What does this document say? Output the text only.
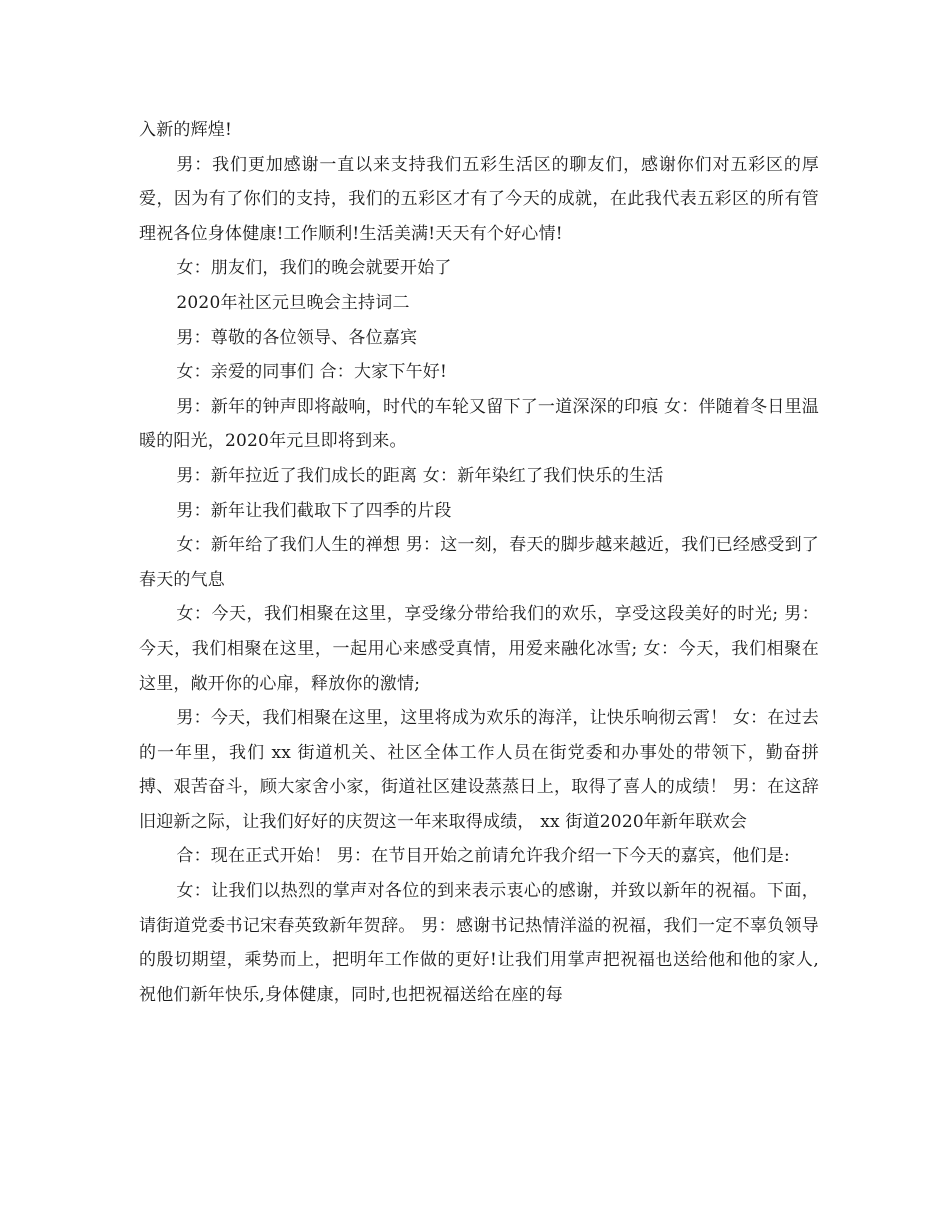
入新的辉煌!

男：我们更加感谢一直以来支持我们五彩生活区的聊友们，感谢你们对五彩区的厚爱，因为有了你们的支持，我们的五彩区才有了今天的成就，在此我代表五彩区的所有管理祝各位身体健康!工作顺利!生活美满!天天有个好心情!

女：朋友们，我们的晚会就要开始了

2020年社区元旦晚会主持词二

男：尊敬的各位领导、各位嘉宾

女：亲爱的同事们 合：大家下午好!

男：新年的钟声即将敲响，时代的车轮又留下了一道深深的印痕 女：伴随着冬日里温暖的阳光，2020年元旦即将到来。

男：新年拉近了我们成长的距离 女：新年染红了我们快乐的生活

男：新年让我们截取下了四季的片段

女：新年给了我们人生的禅想 男：这一刻，春天的脚步越来越近，我们已经感受到了春天的气息

女：今天，我们相聚在这里，享受缘分带给我们的欢乐，享受这段美好的时光; 男：今天，我们相聚在这里，一起用心来感受真情，用爱来融化冰雪; 女：今天，我们相聚在这里，敞开你的心扉，释放你的激情;

男：今天，我们相聚在这里，这里将成为欢乐的海洋，让快乐响彻云霄！ 女：在过去的一年里，我们 xx 街道机关、社区全体工作人员在街党委和办事处的带领下，勤奋拼搏、艰苦奋斗，顾大家舍小家，街道社区建设蒸蒸日上，取得了喜人的成绩！ 男：在这辞旧迎新之际，让我们好好的庆贺这一年来取得成绩， xx 街道2020年新年联欢会

合：现在正式开始！ 男：在节目开始之前请允许我介绍一下今天的嘉宾，他们是:

女：让我们以热烈的掌声对各位的到来表示衷心的感谢，并致以新年的祝福。下面，请街道党委书记宋春英致新年贺辞。 男：感谢书记热情洋溢的祝福，我们一定不辜负领导的殷切期望，乘势而上，把明年工作做的更好!让我们用掌声把祝福也送给他和他的家人,祝他们新年快乐,身体健康，同时,也把祝福送给在座的每
